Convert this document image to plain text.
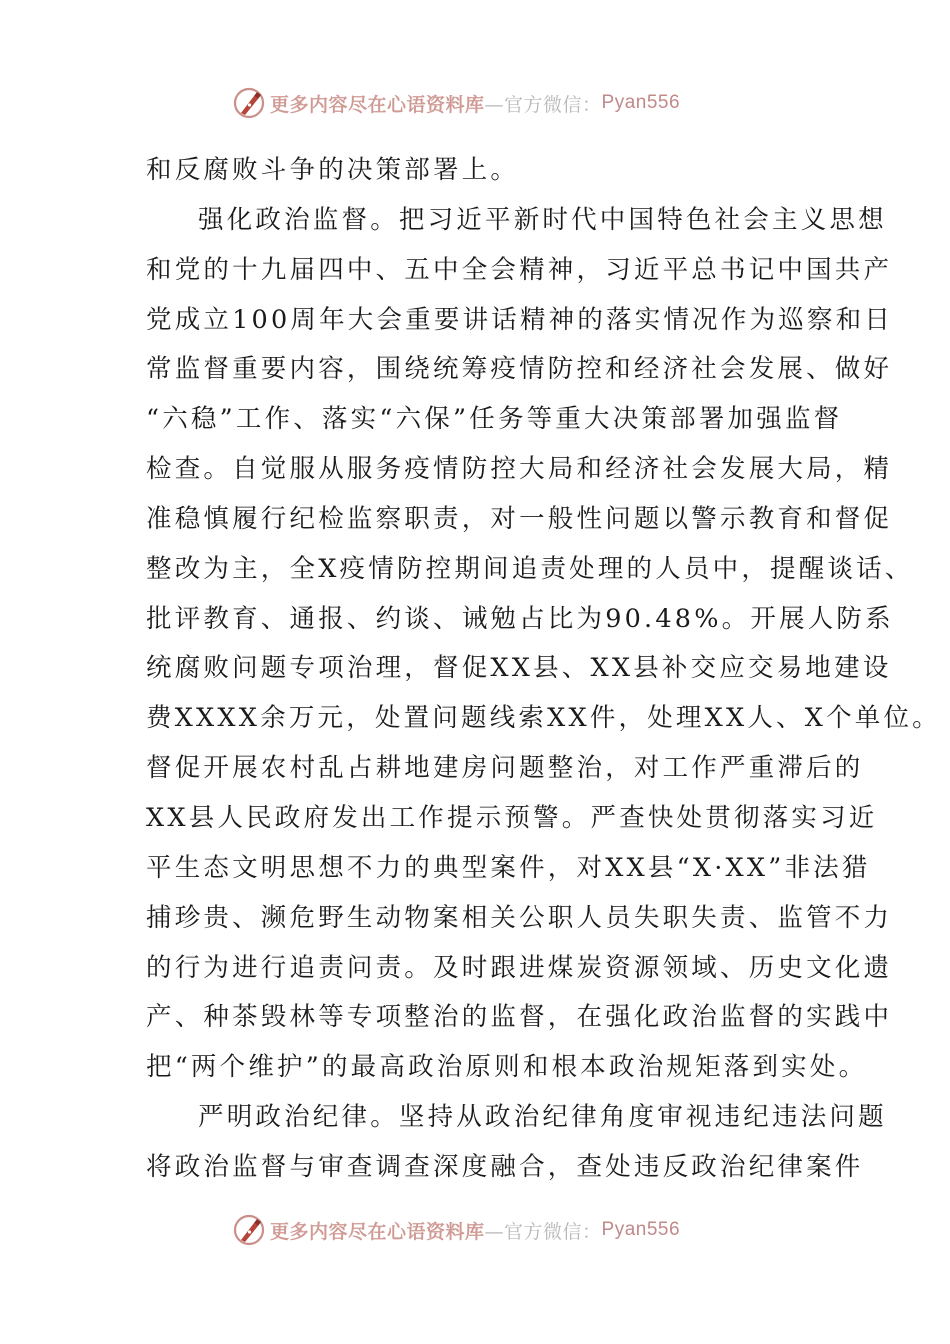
更多内容尽在心语资料库 —官方微信： Pyan556
和反腐败斗争的决策部署上。
强化政治监督。把习近平新时代中国特色社会主义思想
和党的十九届四中、五中全会精神，习近平总书记中国共产
党成立100周年大会重要讲话精神的落实情况作为巡察和日
常监督重要内容，围绕统筹疫情防控和经济社会发展、做好
“六稳”工作、落实“六保”任务等重大决策部署加强监督
检查。自觉服从服务疫情防控大局和经济社会发展大局，精
准稳慎履行纪检监察职责，对一般性问题以警示教育和督促
整改为主，全X疫情防控期间追责处理的人员中，提醒谈话、
批评教育、通报、约谈、诫勉占比为90.48%。开展人防系
统腐败问题专项治理，督促XX县、XX县补交应交易地建设
费XXXX余万元，处置问题线索XX件，处理XX人、X个单位。
督促开展农村乱占耕地建房问题整治，对工作严重滞后的
XX县人民政府发出工作提示预警。严查快处贯彻落实习近
平生态文明思想不力的典型案件，对XX县“X·XX”非法猎
捕珍贵、濒危野生动物案相关公职人员失职失责、监管不力
的行为进行追责问责。及时跟进煤炭资源领域、历史文化遗
产、种茶毁林等专项整治的监督，在强化政治监督的实践中
把“两个维护”的最高政治原则和根本政治规矩落到实处。
严明政治纪律。坚持从政治纪律角度审视违纪违法问题
将政治监督与审查调查深度融合，查处违反政治纪律案件
更多内容尽在心语资料库 —官方微信： Pyan556
